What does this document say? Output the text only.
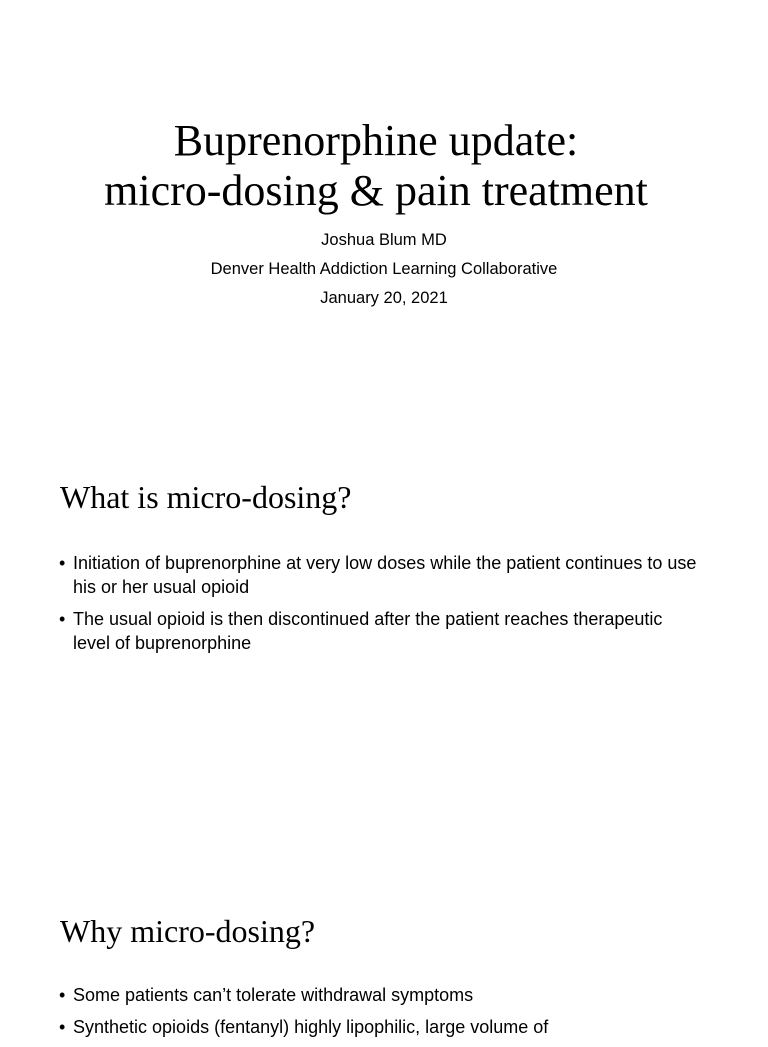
Buprenorphine update:
micro-dosing & pain treatment
Joshua Blum MD
Denver Health Addiction Learning Collaborative
January 20, 2021
What is micro-dosing?
• Initiation of buprenorphine at very low doses while the patient continues to use his or her usual opioid
• The usual opioid is then discontinued after the patient reaches therapeutic level of buprenorphine
Why micro-dosing?
• Some patients can’t tolerate withdrawal symptoms
• Synthetic opioids (fentanyl) highly lipophilic, large volume of
